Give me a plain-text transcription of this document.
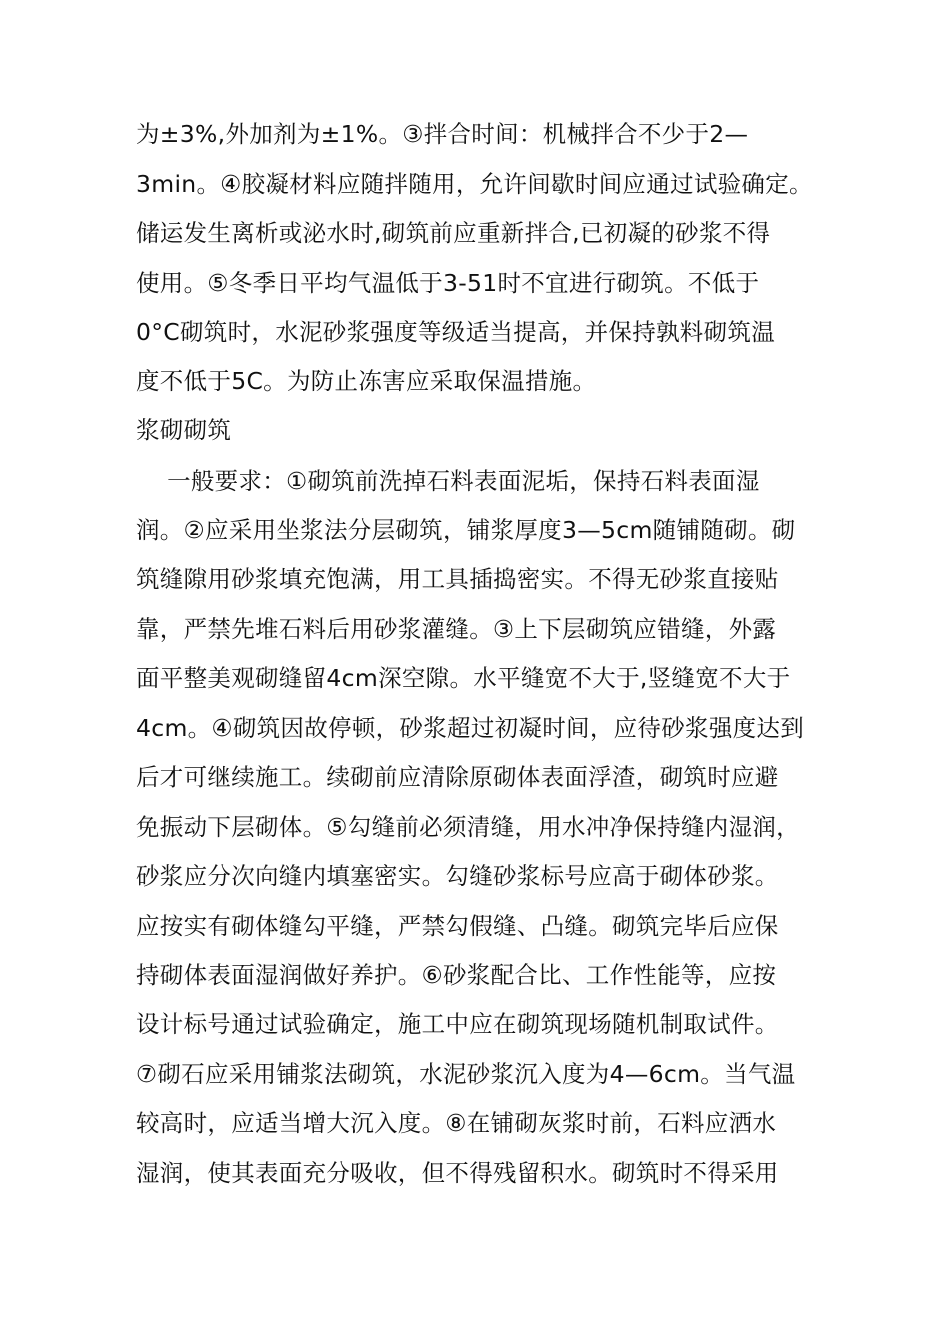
为±3%,外加剂为±1%。③拌合时间：机械拌合不少于2—
3min。④胶凝材料应随拌随用，允许间歇时间应通过试验确定。
储运发生离析或泌水时,砌筑前应重新拌合,已初凝的砂浆不得
使用。⑤冬季日平均气温低于3-51时不宜进行砌筑。不低于
0°C砌筑时，水泥砂浆强度等级适当提高，并保持孰料砌筑温
度不低于5C。为防止冻害应采取保温措施。
浆砌砌筑
一般要求：①砌筑前洗掉石料表面泥垢，保持石料表面湿
润。②应采用坐浆法分层砌筑，铺浆厚度3—5cm随铺随砌。砌
筑缝隙用砂浆填充饱满，用工具插捣密实。不得无砂浆直接贴
靠，严禁先堆石料后用砂浆灌缝。③上下层砌筑应错缝，外露
面平整美观砌缝留4cm深空隙。水平缝宽不大于,竖缝宽不大于
4cm。④砌筑因故停顿，砂浆超过初凝时间，应待砂浆强度达到
后才可继续施工。续砌前应清除原砌体表面浮渣，砌筑时应避
免振动下层砌体。⑤勾缝前必须清缝，用水冲净保持缝内湿润，
砂浆应分次向缝内填塞密实。勾缝砂浆标号应高于砌体砂浆。
应按实有砌体缝勾平缝，严禁勾假缝、凸缝。砌筑完毕后应保
持砌体表面湿润做好养护。⑥砂浆配合比、工作性能等，应按
设计标号通过试验确定，施工中应在砌筑现场随机制取试件。
⑦砌石应采用铺浆法砌筑，水泥砂浆沉入度为4—6cm。当气温
较高时，应适当增大沉入度。⑧在铺砌灰浆时前，石料应洒水
湿润，使其表面充分吸收，但不得残留积水。砌筑时不得采用
